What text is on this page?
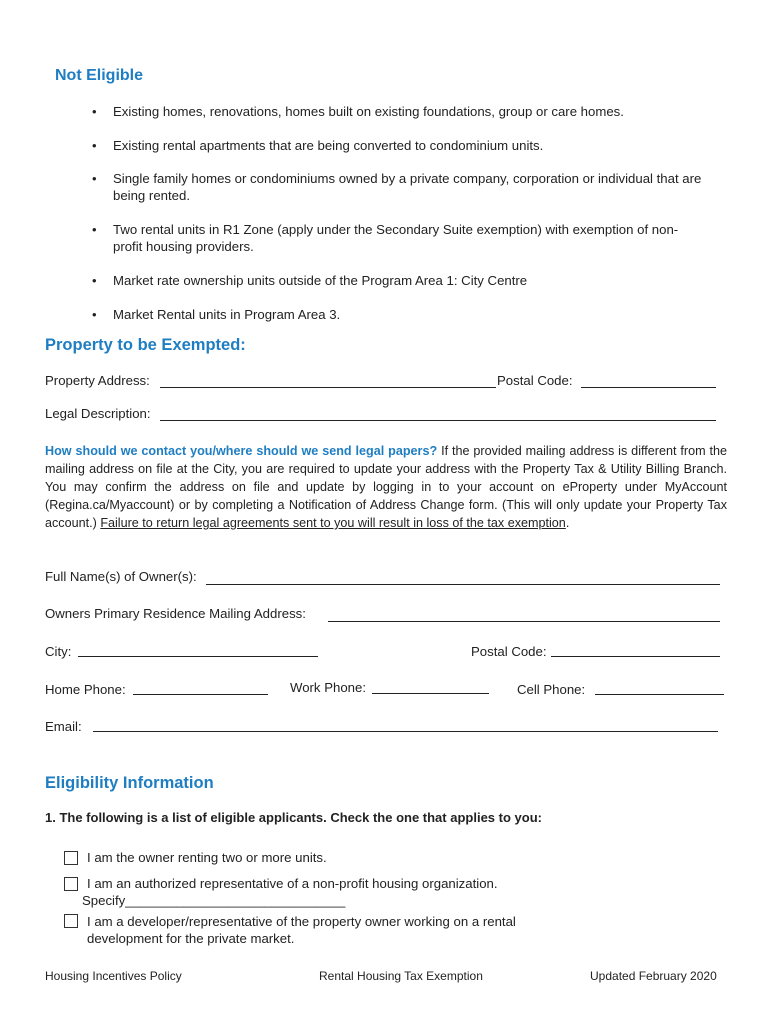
Not Eligible
• Existing homes, renovations, homes built on existing foundations, group or care homes.
• Existing rental apartments that are being converted to condominium units.
• Single family homes or condominiums owned by a private company, corporation or individual that are being rented.
• Two rental units in R1 Zone (apply under the Secondary Suite exemption) with exemption of non-profit housing providers.
• Market rate ownership units outside of the Program Area 1: City Centre
• Market Rental units in Program Area 3.
Property to be Exempted:
Property Address:	Postal Code:
Legal Description:
How should we contact you/where should we send legal papers? If the provided mailing address is different from the mailing address on file at the City, you are required to update your address with the Property Tax & Utility Billing Branch. You may confirm the address on file and update by logging in to your account on eProperty under MyAccount (Regina.ca/Myaccount) or by completing a Notification of Address Change form. (This will only update your Property Tax account.) Failure to return legal agreements sent to you will result in loss of the tax exemption.
Full Name(s) of Owner(s):
Owners Primary Residence Mailing Address:
City:	Postal Code:
Home Phone:	Work Phone:	Cell Phone:
Email:
Eligibility Information
1. The following is a list of eligible applicants. Check the one that applies to you:
I am the owner renting two or more units.
I am an authorized representative of a non-profit housing organization.
Specify______________________________
I am a developer/representative of the property owner working on a rental
development for the private market.
Housing Incentives Policy	Rental Housing Tax Exemption	Updated February 2020
